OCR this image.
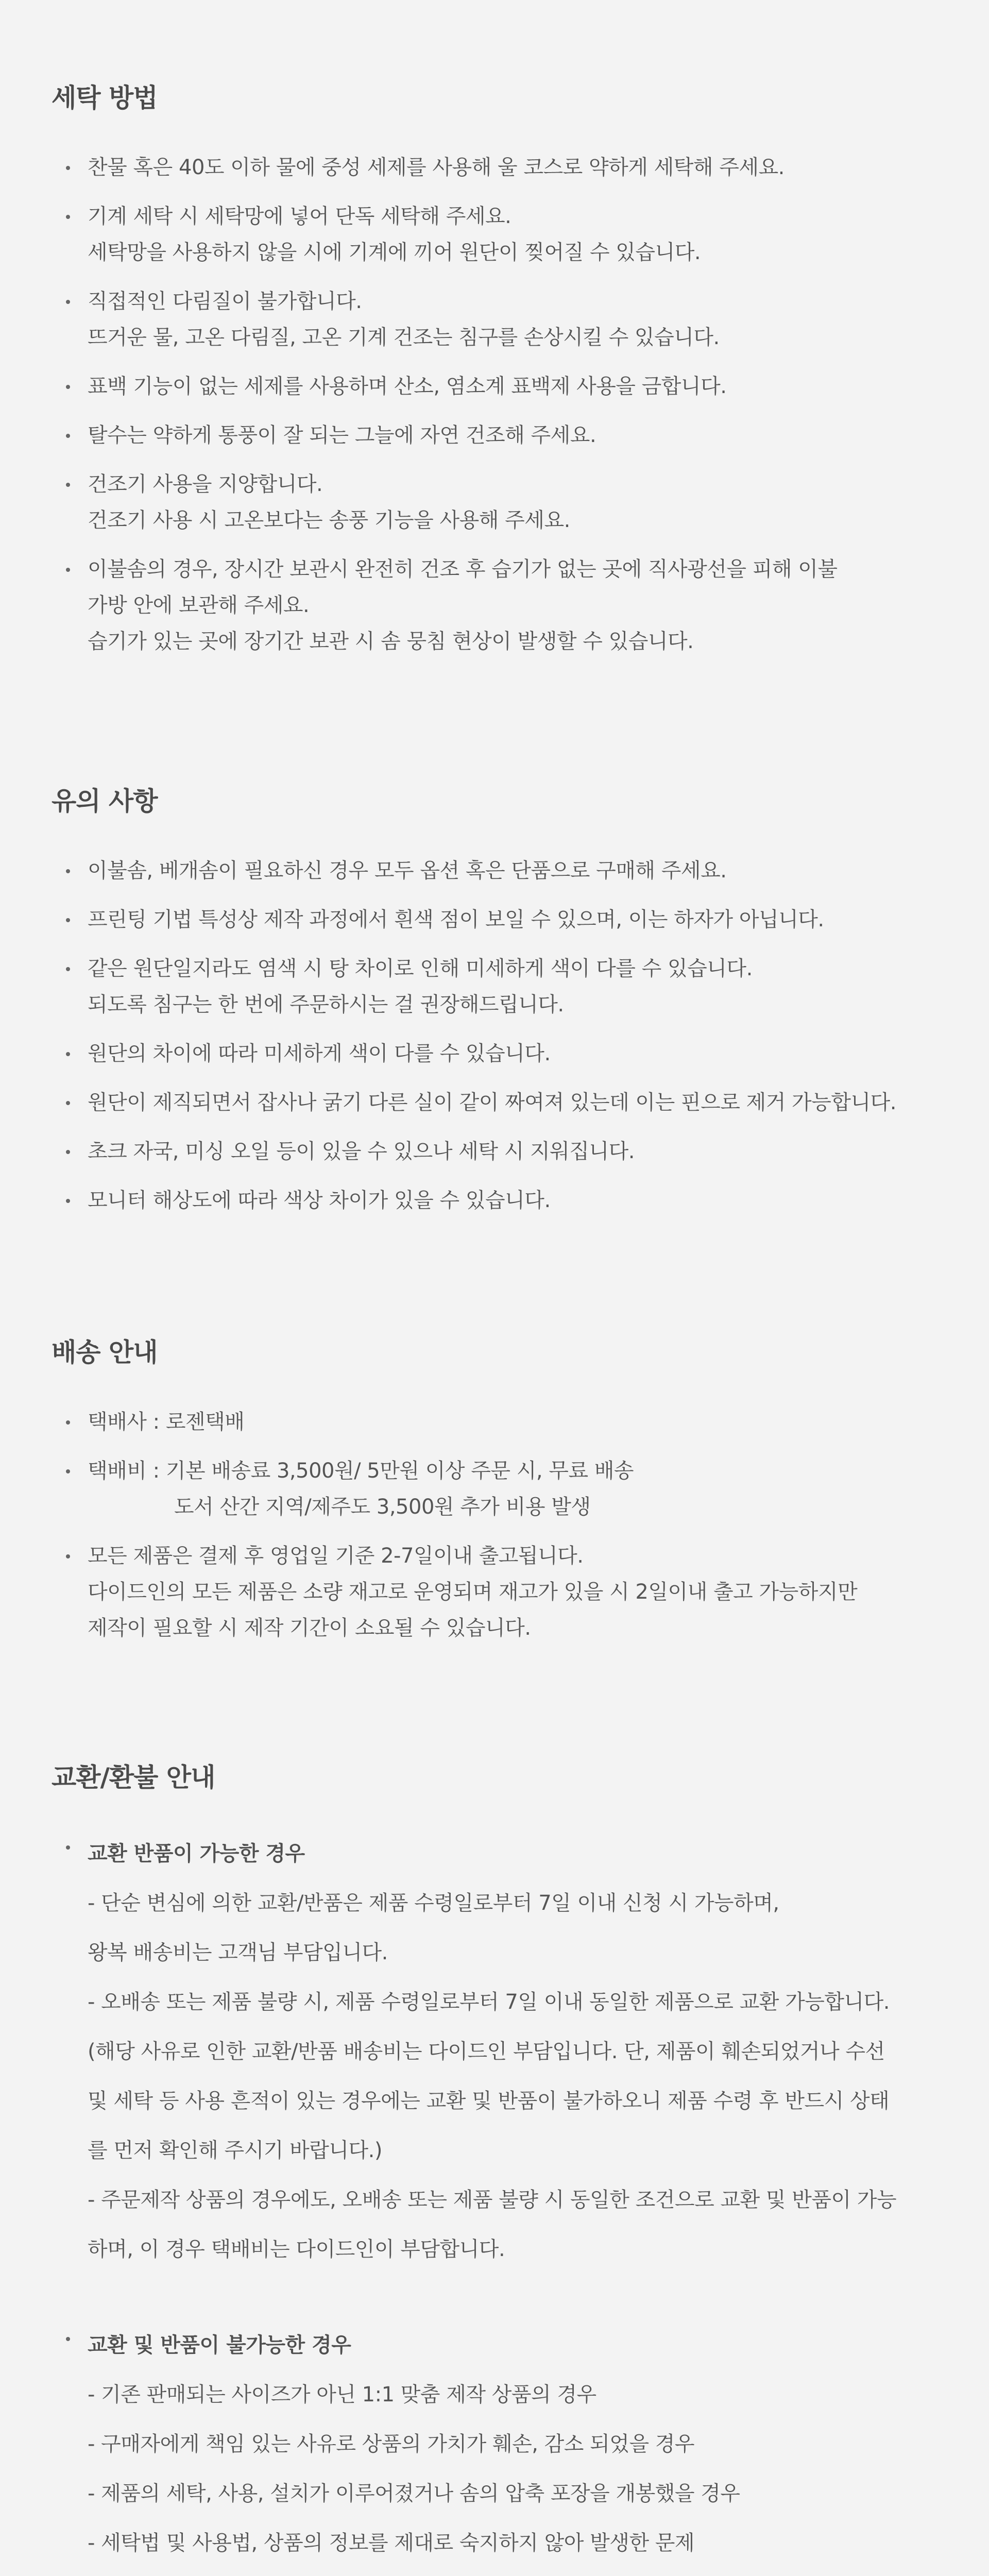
세탁 방법
찬물 혹은 40도 이하 물에 중성 세제를 사용해 울 코스로 약하게 세탁해 주세요.
기계 세탁 시 세탁망에 넣어 단독 세탁해 주세요.
세탁망을 사용하지 않을 시에 기계에 끼어 원단이 찢어질 수 있습니다.
직접적인 다림질이 불가합니다.
뜨거운 물, 고온 다림질, 고온 기계 건조는 침구를 손상시킬 수 있습니다.
표백 기능이 없는 세제를 사용하며 산소, 염소계 표백제 사용을 금합니다.
탈수는 약하게 통풍이 잘 되는 그늘에 자연 건조해 주세요.
건조기 사용을 지양합니다.
건조기 사용 시 고온보다는 송풍 기능을 사용해 주세요.
이불솜의 경우, 장시간 보관시 완전히 건조 후 습기가 없는 곳에 직사광선을 피해 이불
가방 안에 보관해 주세요.
습기가 있는 곳에 장기간 보관 시 솜 뭉침 현상이 발생할 수 있습니다.
유의 사항
이불솜, 베개솜이 필요하신 경우 모두 옵션 혹은 단품으로 구매해 주세요.
프린팅 기법 특성상 제작 과정에서 흰색 점이 보일 수 있으며, 이는 하자가 아닙니다.
같은 원단일지라도 염색 시 탕 차이로 인해 미세하게 색이 다를 수 있습니다.
되도록 침구는 한 번에 주문하시는 걸 권장해드립니다.
원단의 차이에 따라 미세하게 색이 다를 수 있습니다.
원단이 제직되면서 잡사나 굵기 다른 실이 같이 짜여져 있는데 이는 핀으로 제거 가능합니다.
초크 자국, 미싱 오일 등이 있을 수 있으나 세탁 시 지워집니다.
모니터 해상도에 따라 색상 차이가 있을 수 있습니다.
배송 안내
택배사 : 로젠택배
택배비 : 기본 배송료 3,500원/ 5만원 이상 주문 시, 무료 배송
도서 산간 지역/제주도 3,500원 추가 비용 발생
모든 제품은 결제 후 영업일 기준 2-7일이내 출고됩니다.
다이드인의 모든 제품은 소량 재고로 운영되며 재고가 있을 시 2일이내 출고 가능하지만
제작이 필요할 시 제작 기간이 소요될 수 있습니다.
교환/환불 안내
교환 반품이 가능한 경우
- 단순 변심에 의한 교환/반품은 제품 수령일로부터 7일 이내 신청 시 가능하며,
왕복 배송비는 고객님 부담입니다.
- 오배송 또는 제품 불량 시, 제품 수령일로부터 7일 이내 동일한 제품으로 교환 가능합니다.
(해당 사유로 인한 교환/반품 배송비는 다이드인 부담입니다. 단, 제품이 훼손되었거나 수선
및 세탁 등 사용 흔적이 있는 경우에는 교환 및 반품이 불가하오니 제품 수령 후 반드시 상태
를 먼저 확인해 주시기 바랍니다.)
- 주문제작 상품의 경우에도, 오배송 또는 제품 불량 시 동일한 조건으로 교환 및 반품이 가능
하며, 이 경우 택배비는 다이드인이 부담합니다.
교환 및 반품이 불가능한 경우
- 기존 판매되는 사이즈가 아닌 1:1 맞춤 제작 상품의 경우
- 구매자에게 책임 있는 사유로 상품의 가치가 훼손, 감소 되었을 경우
- 제품의 세탁, 사용, 설치가 이루어졌거나 솜의 압축 포장을 개봉했을 경우
- 세탁법 및 사용법, 상품의 정보를 제대로 숙지하지 않아 발생한 문제
